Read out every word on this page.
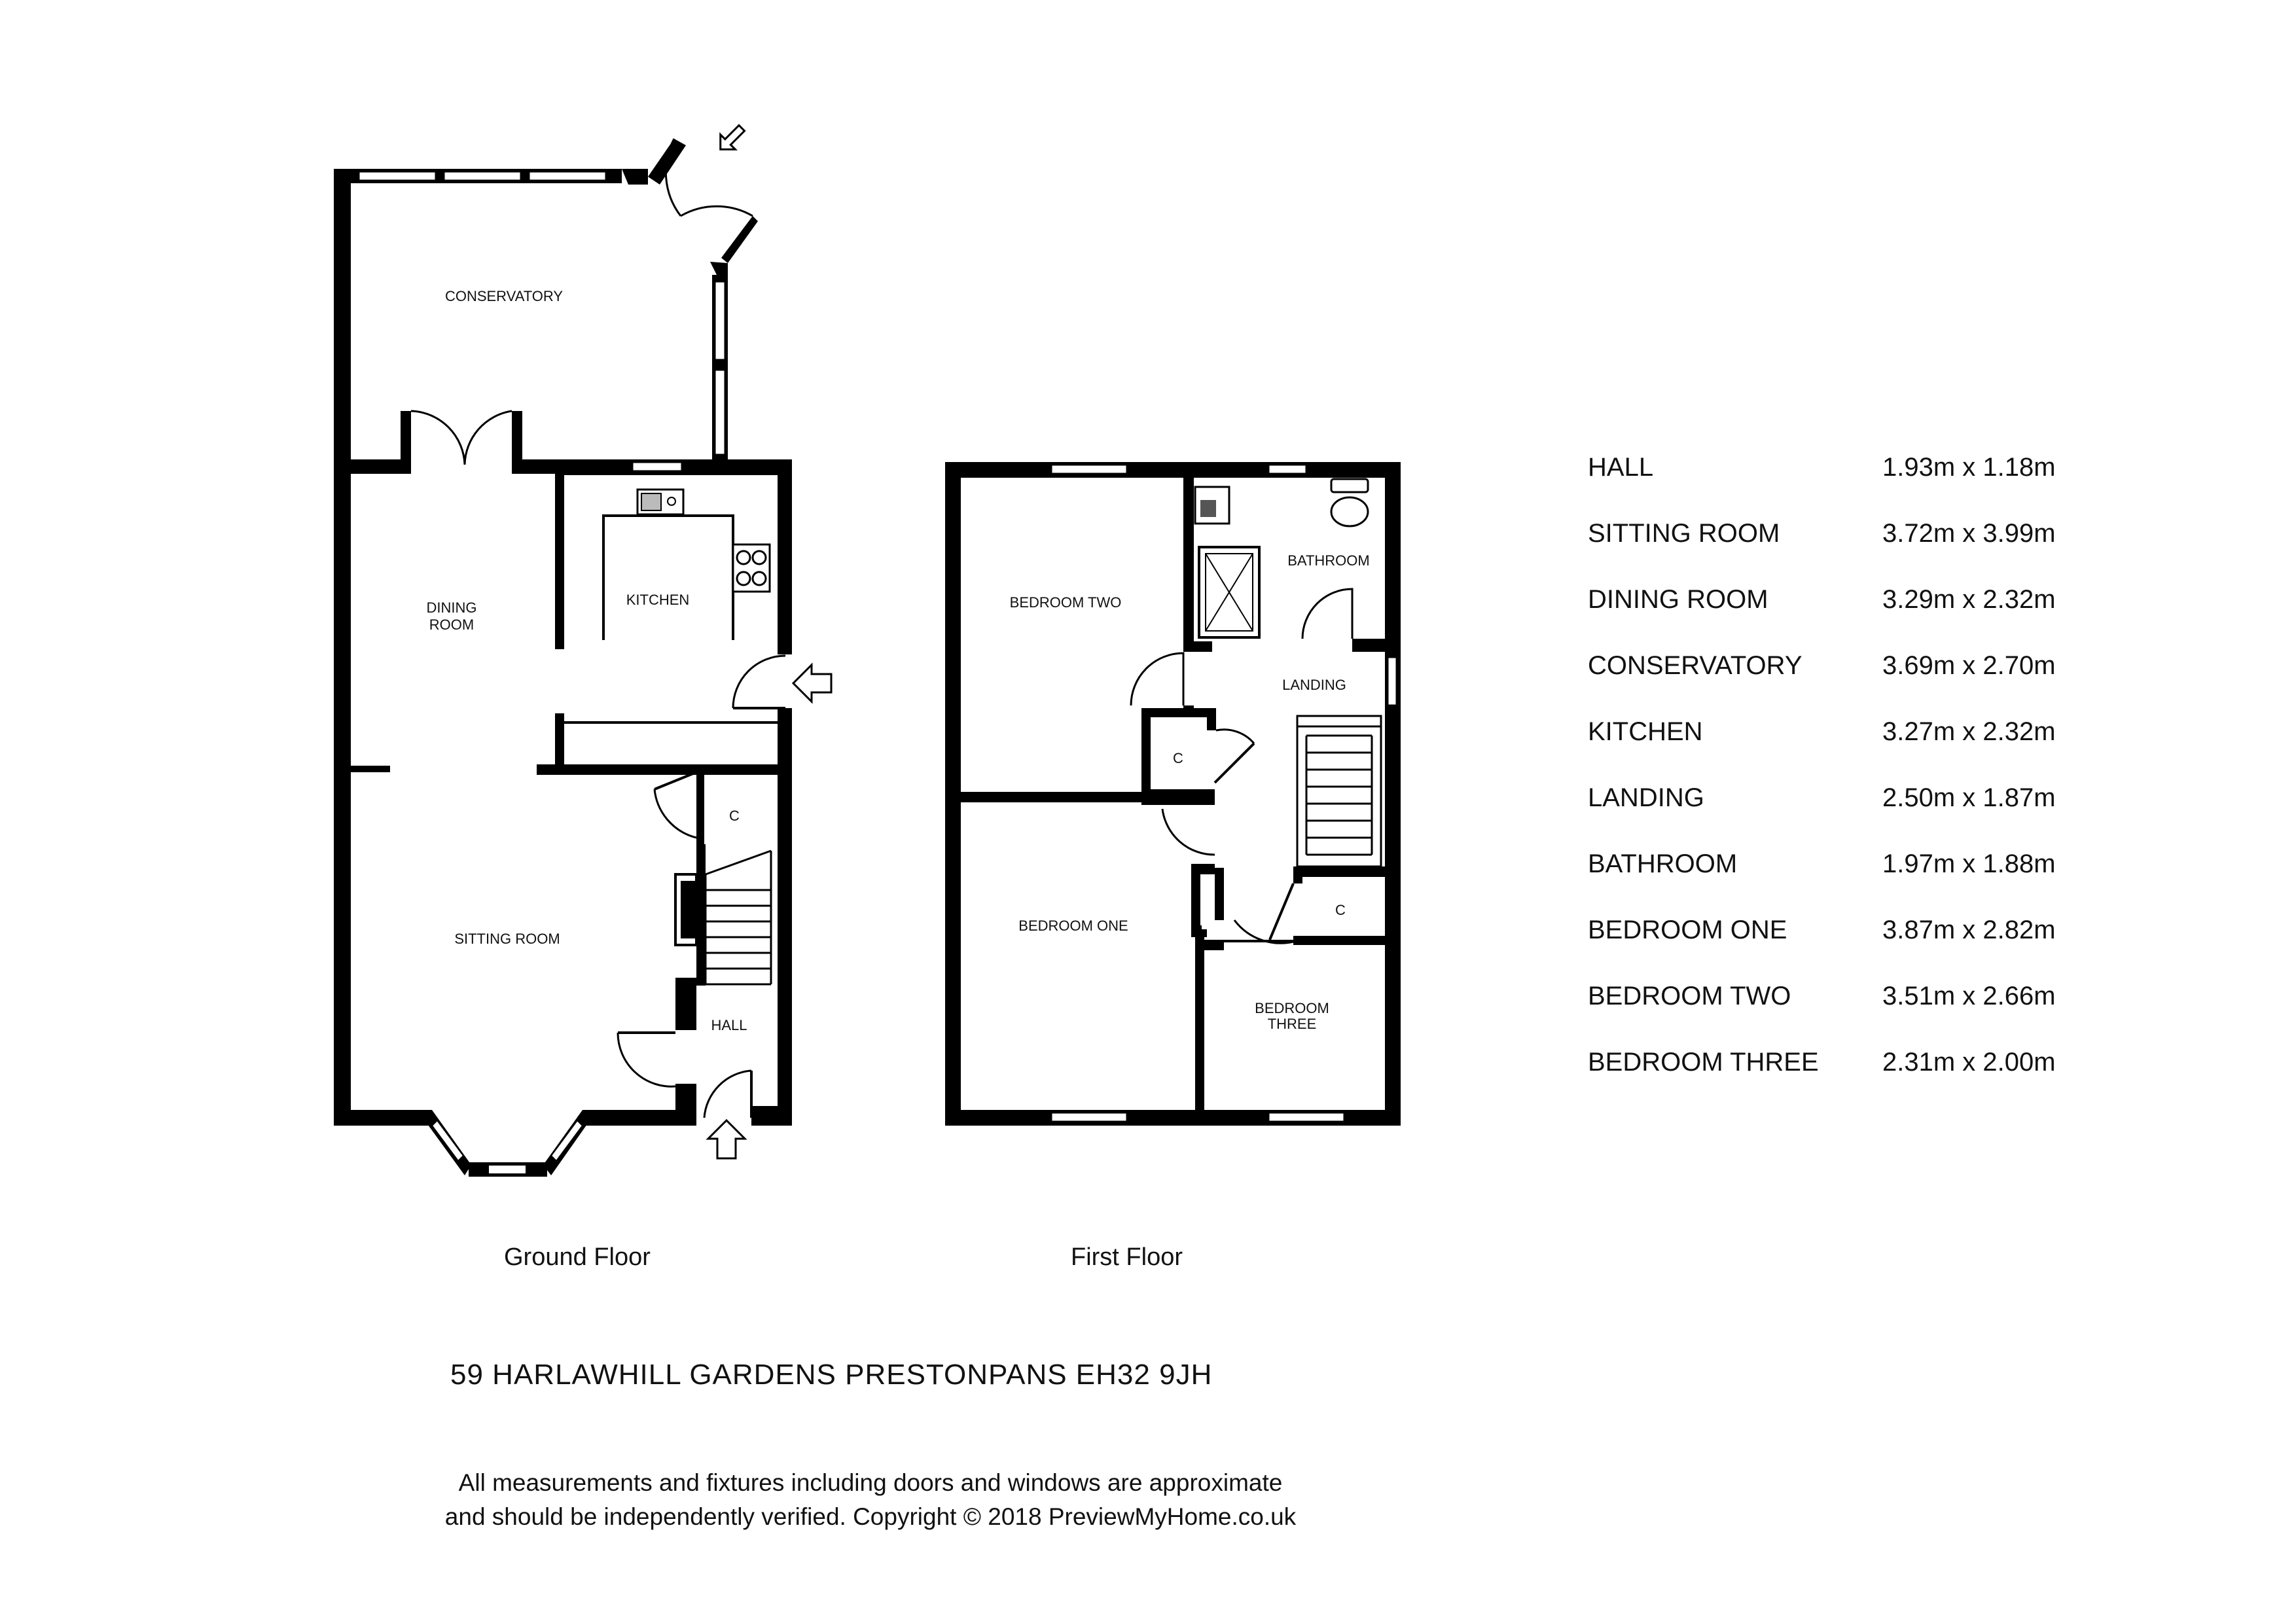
CONSERVATORY
DINING
ROOM
KITCHEN
SITTING ROOM
HALL
C
BEDROOM TWO
BATHROOM
LANDING
C
BEDROOM ONE
C
BEDROOM
THREE
Ground Floor	First Floor
59 HARLAWHILL GARDENS PRESTONPANS EH32 9JH
All measurements and fixtures including doors and windows are approximate
and should be independently verified. Copyright © 2018 PreviewMyHome.co.uk
HALL	1.93m x 1.18m
SITTING ROOM	3.72m x 3.99m
DINING ROOM	3.29m x 2.32m
CONSERVATORY	3.69m x 2.70m
KITCHEN	3.27m x 2.32m
LANDING	2.50m x 1.87m
BATHROOM	1.97m x 1.88m
BEDROOM ONE	3.87m x 2.82m
BEDROOM TWO	3.51m x 2.66m
BEDROOM THREE	2.31m x 2.00m
